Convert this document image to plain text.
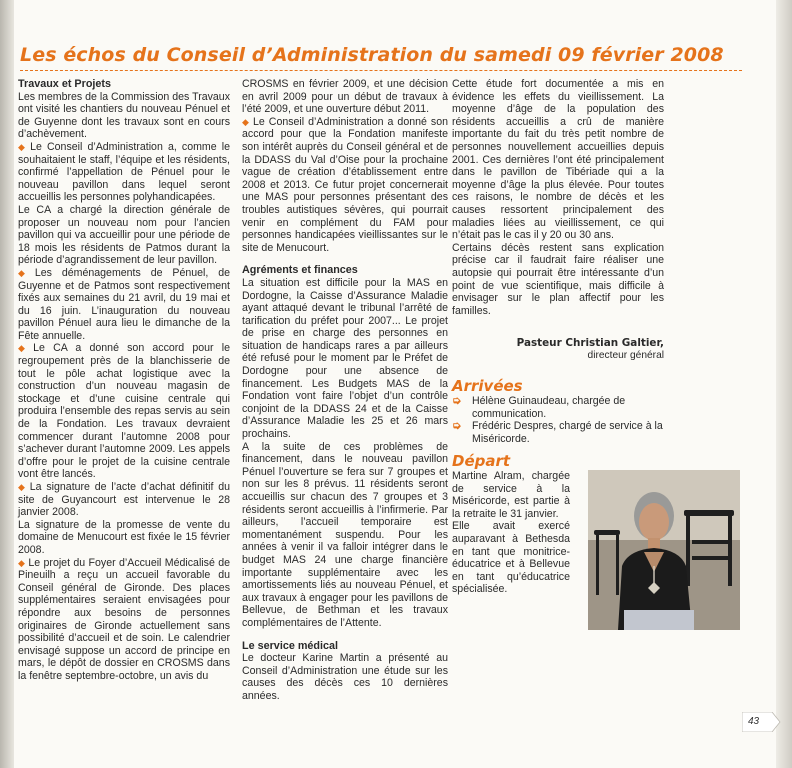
Les échos du Conseil d’Administration du samedi 09 février 2008

Travaux et Projets

Les membres de la Commission des Travaux ont visité les chantiers du nouveau Pénuel et de Guyenne dont les travaux sont en cours d’achèvement.

◆ Le Conseil d’Administration a, comme le souhaitaient le staff, l’équipe et les résidents, confirmé l’appellation de Pénuel pour le nouveau pavillon dans lequel seront accueillis les personnes polyhandicapées.

Le CA a chargé la direction générale de proposer un nouveau nom pour l’ancien pavillon qui va accueillir pour une période de 18 mois les résidents de Patmos durant la période d’agrandissement de leur pavillon.

◆ Les déménagements de Pénuel, de Guyenne et de Patmos sont respectivement fixés aux semaines du 21 avril, du 19 mai et du 16 juin. L’inauguration du nouveau pavillon Pénuel aura lieu le dimanche de la Fête annuelle.

◆ Le CA a donné son accord pour le regroupement près de la blanchisserie de tout le pôle achat logistique avec la construction d’un nouveau magasin de stockage et d’une cuisine centrale qui produira l’ensemble des repas servis au sein de la Fondation. Les travaux devraient commencer durant l’automne 2008 pour s’achever durant l’automne 2009. Les appels d’offre pour le projet de la cuisine centrale vont être lancés.

◆ La signature de l’acte d’achat définitif du site de Guyancourt est intervenue le 28 janvier 2008.

La signature de la promesse de vente du domaine de Menucourt est fixée le 15 février 2008.

◆ Le projet du Foyer d’Accueil Médicalisé de Pineuilh a reçu un accueil favorable du Conseil général de Gironde. Des places supplémentaires seraient envisagées pour répondre aux besoins de personnes originaires de Gironde actuellement sans possibilité d’accueil et de soin. Le calendrier envisagé suppose un accord de principe en mars, le dépôt de dossier en CROSMS dans la fenêtre septembre-octobre, un avis du

CROSMS en février 2009, et une décision en avril 2009 pour un début de travaux à l’été 2009, et une ouverture début 2011.

◆ Le Conseil d’Administration a donné son accord pour que la Fondation manifeste son intérêt auprès du Conseil général et de la DDASS du Val d’Oise pour la prochaine vague de création d’établissement entre 2008 et 2013. Ce futur projet concernerait une MAS pour personnes présentant des troubles autistiques sévères, qui pourrait venir en complément du FAM pour personnes handicapées vieillissantes sur le site de Menucourt.

Agréments et finances

La situation est difficile pour la MAS en Dordogne, la Caisse d’Assurance Maladie ayant attaqué devant le tribunal l’arrêté de tarification du préfet pour 2007... Le projet de prise en charge des personnes en situation de handicaps rares a par ailleurs été refusé pour le moment par le Préfet de Dordogne pour une absence de financement. Les Budgets MAS de la Fondation vont faire l’objet d’un contrôle conjoint de la DDASS 24 et de la Caisse d’Assurance Maladie les 25 et 26 mars prochains.

A la suite de ces problèmes de financement, dans le nouveau pavillon Pénuel l’ouverture se fera sur 7 groupes et non sur les 8 prévus. 11 résidents seront accueillis sur chacun des 7 groupes et 3 résidents seront accueillis à l’infirmerie. Par ailleurs, l’accueil temporaire est momentanément suspendu. Pour les années à venir il va falloir intégrer dans le budget MAS 24 une charge financière importante supplémentaire avec les amortissements liés au nouveau Pénuel, et aux travaux à engager pour les pavillons de Bellevue, de Bethman et les travaux complémentaires de l’Attente.

Le service médical

Le docteur Karine Martin a présenté au Conseil d’Administration une étude sur les causes des décès ces 10 dernières années.

Cette étude fort documentée a mis en évidence les effets du vieillissement. La moyenne d’âge de la population des résidents accueillis a crû de manière importante du fait du très petit nombre de personnes nouvellement accueillies depuis 2001. Ces dernières l’ont été principalement dans le pavillon de Tibériade qui a la moyenne d’âge la plus élevée. Pour toutes ces raisons, le nombre de décès et les causes ressortent principalement des maladies liées au vieillissement, ce qui n’était pas le cas il y 20 ou 30 ans.

Certains décès restent sans explication précise car il faudrait faire réaliser une autopsie qui pourrait être intéressante d’un point de vue scientifique, mais difficile à envisager sur le plan affectif pour les familles.

Pasteur Christian Galtier,
directeur général
Arrivées
➭	Hélène Guinaudeau, chargée de communication.
➭	Frédéric Despres, chargé de service à la Miséricorde.
Départ

Martine Alram, chargée de service à la Miséricorde, est partie à la retraite le 31 janvier.

Elle avait exercé auparavant à Bethesda en tant que monitrice-éducatrice et à Bellevue en tant qu’éducatrice spécialisée.

43
